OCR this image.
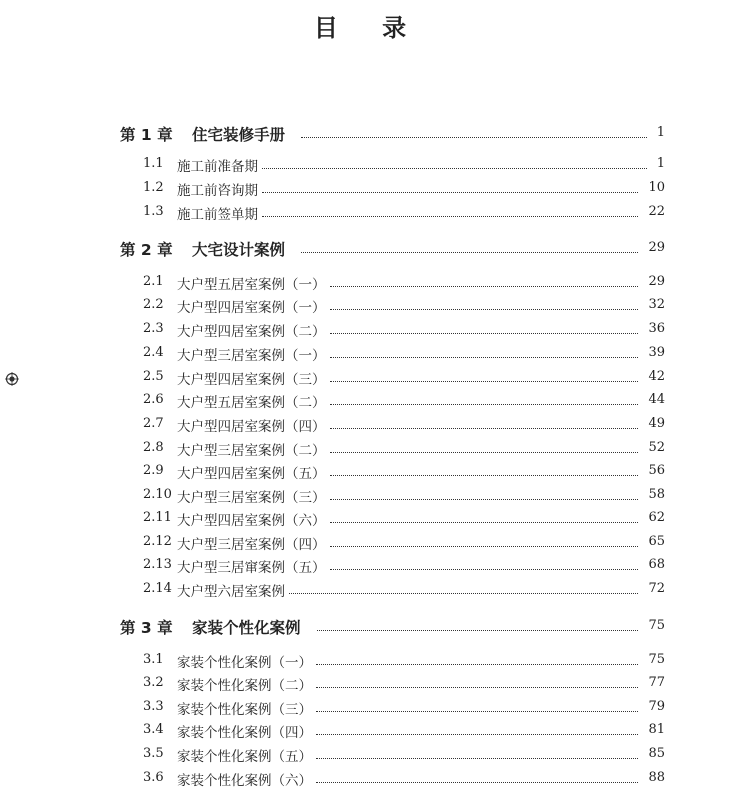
目 录
第 1 章 住宅装修手册	1
1.1 施工前准备期	1
1.2 施工前咨询期	10
1.3 施工前签单期	22
第 2 章 大宅设计案例	29
2.1 大户型五居室案例（一）	29
2.2 大户型四居室案例（一）	32
2.3 大户型四居室案例（二）	36
2.4 大户型三居室案例（一）	39
2.5 大户型四居室案例（三）	42
2.6 大户型五居室案例（二）	44
2.7 大户型四居室案例（四）	49
2.8 大户型三居室案例（二）	52
2.9 大户型四居室案例（五）	56
2.10 大户型三居室案例（三）	58
2.11 大户型四居室案例（六）	62
2.12 大户型三居室案例（四）	65
2.13 大户型三居窜案例（五）	68
2.14 大户型六居室案例	72
第 3 章 家装个性化案例	75
3.1 家装个性化案例（一）	75
3.2 家装个性化案例（二）	77
3.3 家装个性化案例（三）	79
3.4 家装个性化案例（四）	81
3.5 家装个性化案例（五）	85
3.6 家装个性化案例（六）	88
